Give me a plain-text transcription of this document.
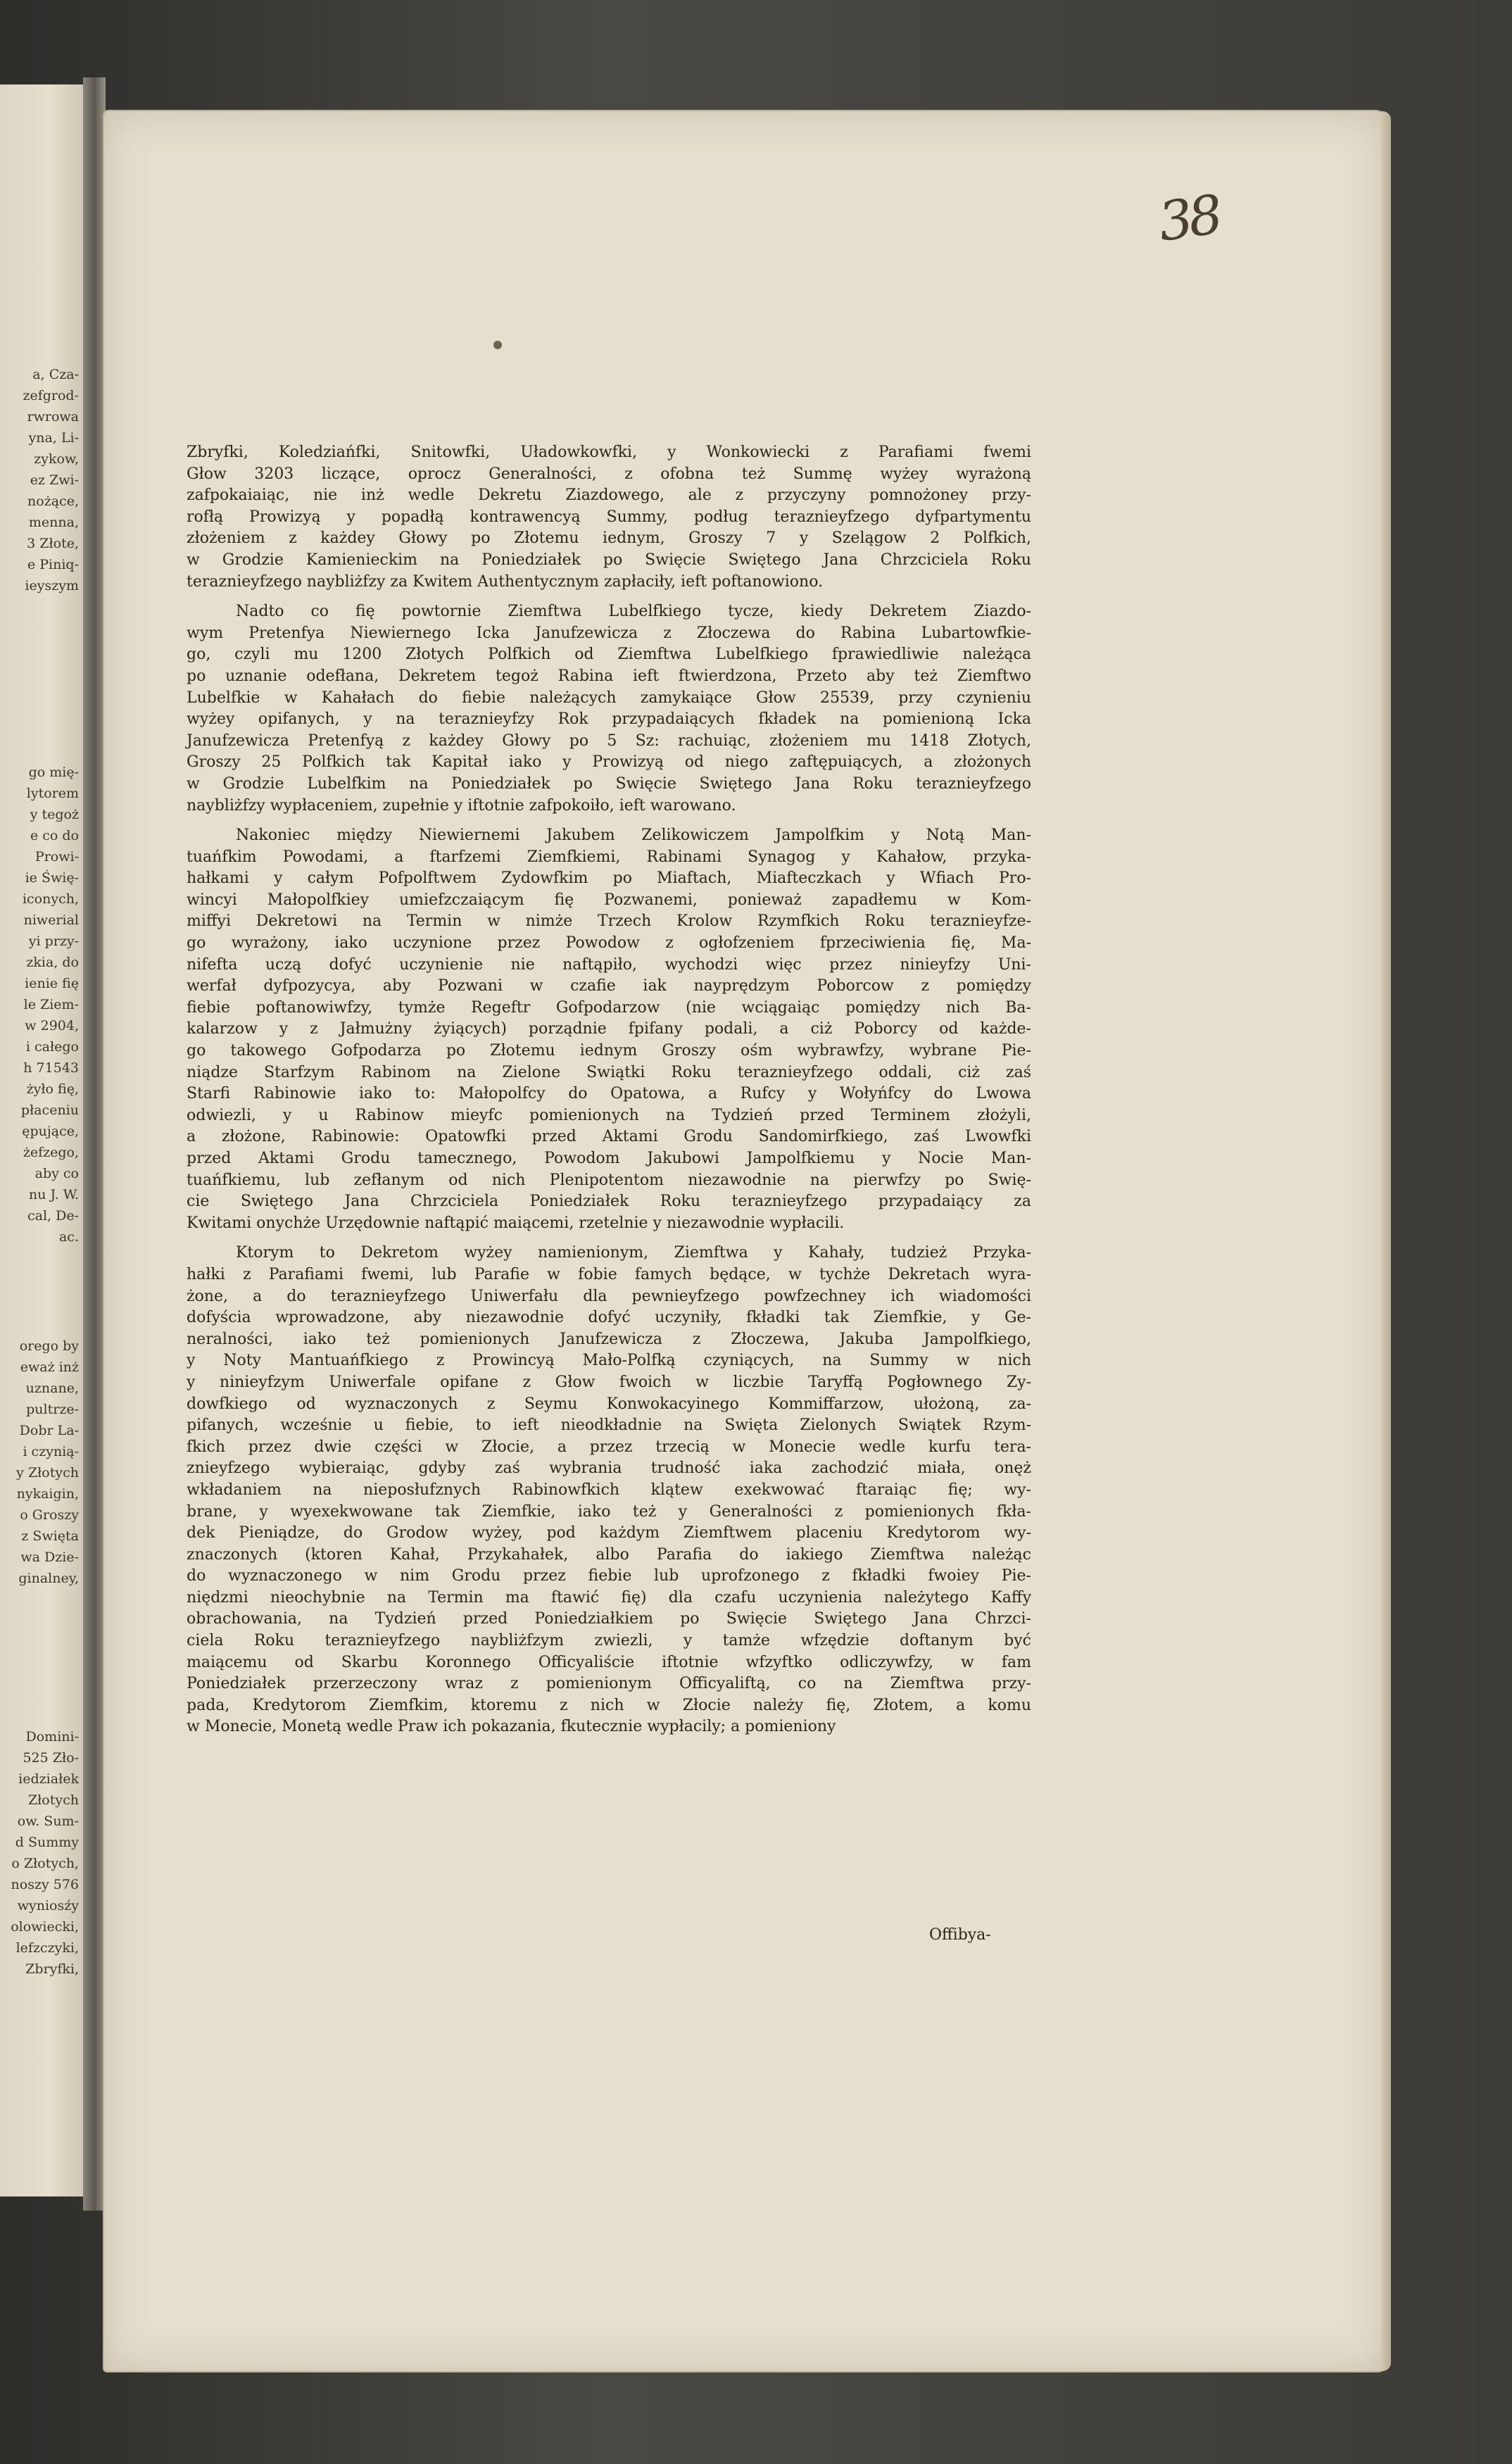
a, Cza-
zefgrod-
rwrowa
yna, Li-
zykow,
ez Zwi-
nożące,
menna,
3 Złote,
e Piniq-
ieyszym
go mię-
lytorem
y tegoż
e co do
Prowi-
ie Świę-
iconych,
niwerial
yi przy-
zkia, do
ienie fię
le Ziem-
w 2904,
i całego
h 71543
żyło fię,
płaceniu
ępujące,
żefzego,
aby co
nu J. W.
cal, De-
ac.
orego by
eważ inż
uznane,
pultrze-
Dobr La-
i czynią-
y Złotych
nykaigin,
o Groszy
z Swięta
wa Dzie-
ginalney,
Domini-
525 Zło-
iedziałek
Złotych
ow. Sum-
d Summy
o Złotych,
noszy 576
wyniosźy
olowiecki,
lefzczyki,
Zbryfki,
38
Zbryfki, Koledziańfki, Snitowfki, Uładowkowfki, y Wonkowiecki z Parafiami fwemi
Głow 3203 liczące, oprocz Generalności, z ofobna też Summę wyżey wyrażoną
zafpokaiaiąc, nie inż wedle Dekretu Ziazdowego, ale z przyczyny pomnożoney przy-
rofłą Prowizyą y popadłą kontrawencyą Summy, podług teraznieyfzego dyfpartymentu
złożeniem z każdey Głowy po Złotemu iednym, Groszy 7 y Szelągow 2 Polfkich,
w Grodzie Kamienieckim na Poniedziałek po Swięcie Swiętego Jana Chrzciciela Roku
teraznieyfzego naybliżfzy za Kwitem Authentycznym zapłaciły, ieft poftanowiono.
Nadto co fię powtornie Ziemftwa Lubelfkiego tycze, kiedy Dekretem Ziazdo-
wym Pretenfya Niewiernego Icka Janufzewicza z Złoczewa do Rabina Lubartowfkie-
go, czyli mu 1200 Złotych Polfkich od Ziemftwa Lubelfkiego fprawiedliwie należąca
po uznanie odefłana, Dekretem tegoż Rabina ieft ftwierdzona, Przeto aby też Ziemftwo
Lubelfkie w Kahałach do fiebie należących zamykaiące Głow 25539, przy czynieniu
wyżey opifanych, y na teraznieyfzy Rok przypadaiących fkładek na pomienioną Icka
Janufzewicza Pretenfyą z każdey Głowy po 5 Sz: rachuiąc, złożeniem mu 1418 Złotych,
Groszy 25 Polfkich tak Kapitał iako y Prowizyą od niego zaftępuiących, a złożonych
w Grodzie Lubelfkim na Poniedziałek po Swięcie Swiętego Jana Roku teraznieyfzego
naybliżfzy wypłaceniem, zupełnie y iftotnie zafpokoiło, ieft warowano.
Nakoniec między Niewiernemi Jakubem Zelikowiczem Jampolfkim y Notą Man-
tuańfkim Powodami, a ftarfzemi Ziemfkiemi, Rabinami Synagog y Kahałow, przyka-
hałkami y całym Pofpolftwem Zydowfkim po Miaftach, Miafteczkach y Wfiach Pro-
wincyi Małopolfkiey umiefzczaiącym fię Pozwanemi, ponieważ zapadłemu w Kom-
miffyi Dekretowi na Termin w nimże Trzech Krolow Rzymfkich Roku teraznieyfze-
go wyrażony, iako uczynione przez Powodow z ogłofzeniem fprzeciwienia fię, Ma-
nifefta uczą dofyć uczynienie nie naftąpiło, wychodzi więc przez ninieyfzy Uni-
werfał dyfpozycya, aby Pozwani w czafie iak nayprędzym Poborcow z pomiędzy
fiebie poftanowiwfzy, tymże Regeftr Gofpodarzow (nie wciągaiąc pomiędzy nich Ba-
kalarzow y z Jałmużny żyiących) porządnie fpifany podali, a ciż Poborcy od każde-
go takowego Gofpodarza po Złotemu iednym Groszy ośm wybrawfzy, wybrane Pie-
niądze Starfzym Rabinom na Zielone Swiątki Roku teraznieyfzego oddali, ciż zaś
Starfi Rabinowie iako to: Małopolfcy do Opatowa, a Rufcy y Wołyńfcy do Lwowa
odwiezli, y u Rabinow mieyfc pomienionych na Tydzień przed Terminem złożyli,
a złożone, Rabinowie: Opatowfki przed Aktami Grodu Sandomirfkiego, zaś Lwowfki
przed Aktami Grodu tamecznego, Powodom Jakubowi Jampolfkiemu y Nocie Man-
tuańfkiemu, lub zefłanym od nich Plenipotentom niezawodnie na pierwfzy po Swię-
cie Swiętego Jana Chrzciciela Poniedziałek Roku teraznieyfzego przypadaiący za
Kwitami onychże Urzędownie naftąpić maiącemi, rzetelnie y niezawodnie wypłacili.
Ktorym to Dekretom wyżey namienionym, Ziemftwa y Kahały, tudzież Przyka-
hałki z Parafiami fwemi, lub Parafie w fobie famych będące, w tychże Dekretach wyra-
żone, a do teraznieyfzego Uniwerfału dla pewnieyfzego powfzechney ich wiadomości
dofyścia wprowadzone, aby niezawodnie dofyć uczyniły, fkładki tak Ziemfkie, y Ge-
neralności, iako też pomienionych Janufzewicza z Złoczewa, Jakuba Jampolfkiego,
y Noty Mantuańfkiego z Prowincyą Mało-Polfką czyniących, na Summy w nich
y ninieyfzym Uniwerfale opifane z Głow fwoich w liczbie Taryffą Pogłownego Zy-
dowfkiego od wyznaczonych z Seymu Konwokacyinego Kommiffarzow, ułożoną, za-
pifanych, wcześnie u fiebie, to ieft nieodkładnie na Swięta Zielonych Swiątek Rzym-
fkich przez dwie części w Złocie, a przez trzecią w Monecie wedle kurfu tera-
znieyfzego wybieraiąc, gdyby zaś wybrania trudność iaka zachodzić miała, onęż
wkładaniem na nieposłufznych Rabinowfkich klątew exekwować ftaraiąc fię; wy-
brane, y wyexekwowane tak Ziemfkie, iako też y Generalności z pomienionych fkła-
dek Pieniądze, do Grodow wyżey, pod każdym Ziemftwem placeniu Kredytorom wy-
znaczonych (ktoren Kahał, Przykahałek, albo Parafia do iakiego Ziemftwa należąc
do wyznaczonego w nim Grodu przez fiebie lub uprofzonego z fkładki fwoiey Pie-
niędzmi nieochybnie na Termin ma ftawić fię) dla czafu uczynienia należytego Kaffy
obrachowania, na Tydzień przed Poniedziałkiem po Swięcie Swiętego Jana Chrzci-
ciela Roku teraznieyfzego naybliżfzym zwiezli, y tamże wfzędzie doftanym być
maiącemu od Skarbu Koronnego Officyaliście iftotnie wfzyftko odliczywfzy, w fam
Poniedziałek przerzeczony wraz z pomienionym Officyaliftą, co na Ziemftwa przy-
pada, Kredytorom Ziemfkim, ktoremu z nich w Złocie należy fię, Złotem, a komu
w Monecie, Monetą wedle Praw ich pokazania, fkutecznie wypłacily; a pomieniony
Offibya-
